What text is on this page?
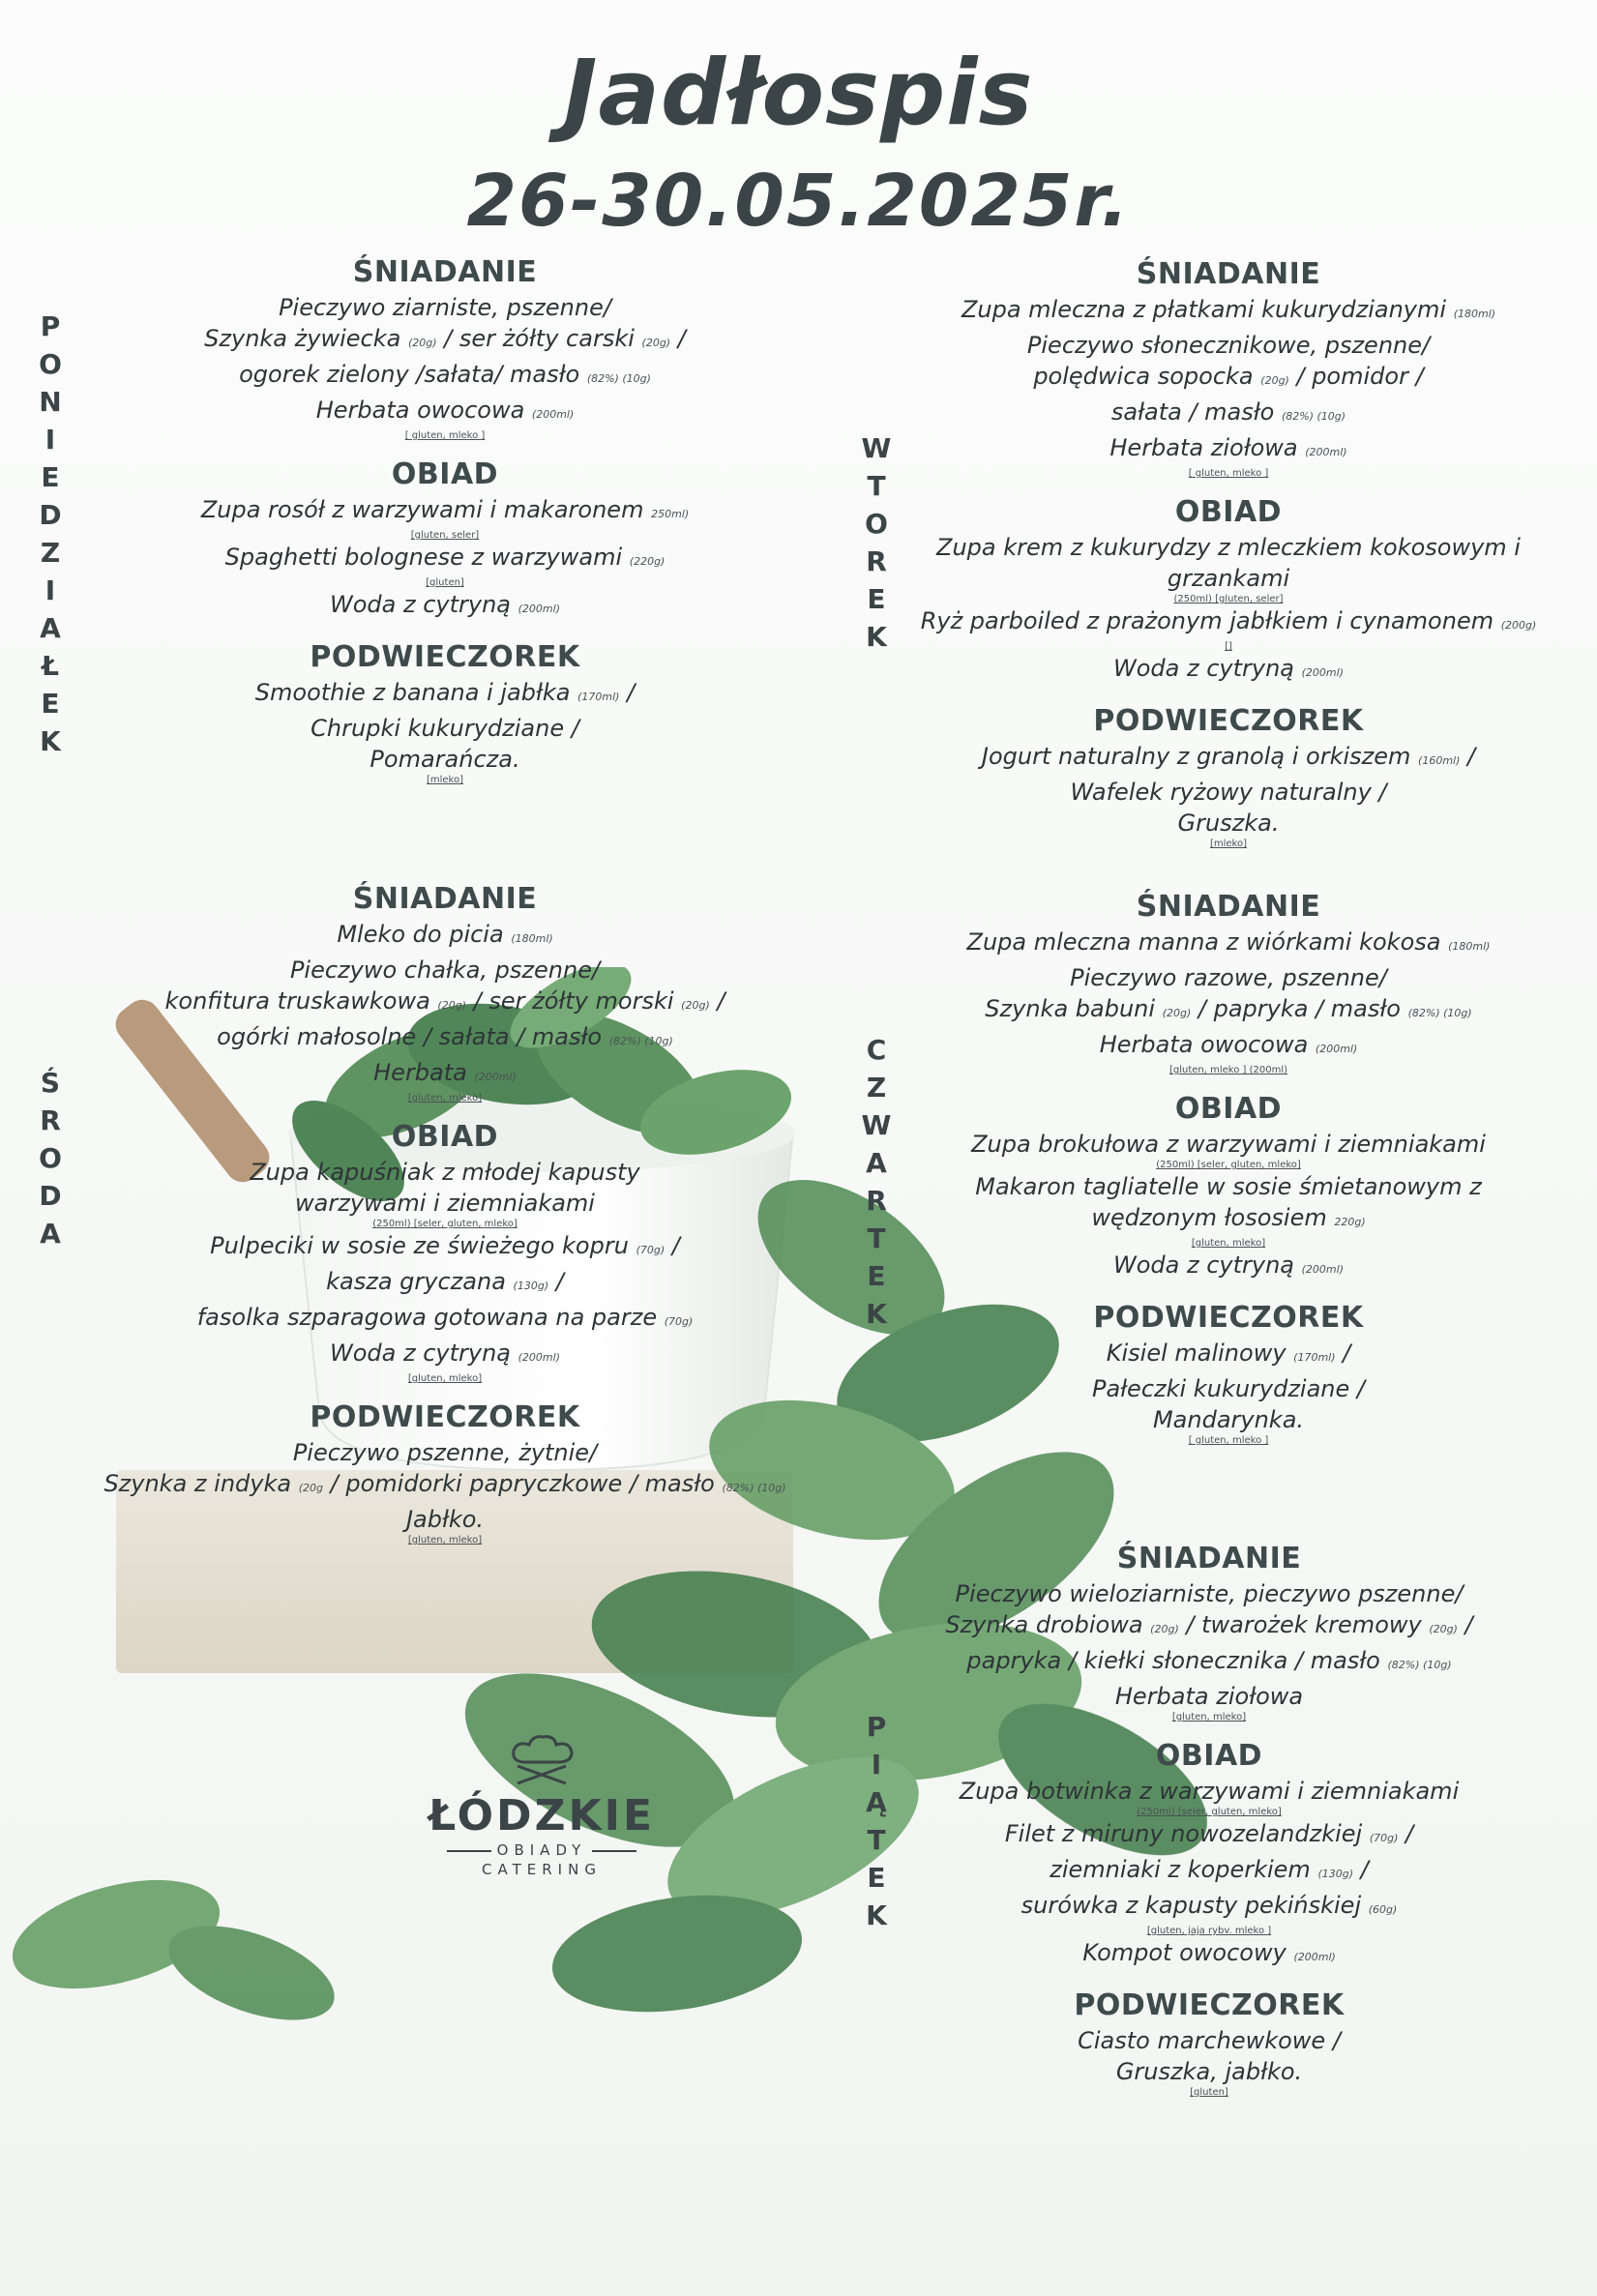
ŁÓDZKIE
OBIADY
CATERING
Jadłospis
26-30.05.2025r.
P
O
N
I
E
D
Z
I
A
Ł
E
K
W
T
O
R
E
K
Ś
R
O
D
A
C
Z
W
A
R
T
E
K
P
I
Ą
T
E
K
ŚNIADANIE
Pieczywo ziarniste, pszenne/
Szynka żywiecka (20g) / ser żółty carski (20g) /
ogorek zielony /sałata/ masło (82%) (10g)
Herbata owocowa (200ml)
[ gluten, mleko ]
OBIAD
Zupa rosół z warzywami i makaronem 250ml)
[gluten, seler]
Spaghetti bolognese z warzywami (220g)
[gluten]
Woda z cytryną (200ml)
PODWIECZOREK
Smoothie z banana i jabłka (170ml) /
Chrupki kukurydziane /
Pomarańcza.
[mleko]
ŚNIADANIE
Zupa mleczna z płatkami kukurydzianymi (180ml)
Pieczywo słonecznikowe, pszenne/
polędwica sopocka (20g) / pomidor /
sałata / masło (82%) (10g)
Herbata ziołowa (200ml)
[ gluten, mleko ]
OBIAD
Zupa krem z kukurydzy z mleczkiem kokosowym i
grzankami
(250ml) [gluten, seler]
Ryż parboiled z prażonym jabłkiem i cynamonem (200g)
[]
Woda z cytryną (200ml)
PODWIECZOREK
Jogurt naturalny z granolą i orkiszem (160ml) /
Wafelek ryżowy naturalny /
Gruszka.
[mleko]
ŚNIADANIE
Mleko do picia (180ml)
Pieczywo chałka, pszenne/
konfitura truskawkowa (20g) / ser żółty morski (20g) /
ogórki małosolne / sałata / masło (82%) (10g)
Herbata (200ml)
[gluten, mleko]
OBIAD
Zupa kapuśniak z młodej kapusty
warzywami i ziemniakami
(250ml) [seler, gluten, mleko]
Pulpeciki w sosie ze świeżego kopru (70g) /
kasza gryczana (130g) /
fasolka szparagowa gotowana na parze (70g)
Woda z cytryną (200ml)
[gluten, mleko]
PODWIECZOREK
Pieczywo pszenne, żytnie/
Szynka z indyka (20g / pomidorki papryczkowe / masło (82%) (10g)
Jabłko.
[gluten, mleko]
ŚNIADANIE
Zupa mleczna manna z wiórkami kokosa (180ml)
Pieczywo razowe, pszenne/
Szynka babuni (20g) / papryka / masło (82%) (10g)
Herbata owocowa (200ml)
[gluten, mleko ] (200ml)
OBIAD
Zupa brokułowa z warzywami i ziemniakami
(250ml) [seler, gluten, mleko]
Makaron tagliatelle w sosie śmietanowym z
wędzonym łososiem 220g)
[gluten, mleko]
Woda z cytryną (200ml)
PODWIECZOREK
Kisiel malinowy (170ml) /
Pałeczki kukurydziane /
Mandarynka.
[ gluten, mleko ]
ŚNIADANIE
Pieczywo wieloziarniste, pieczywo pszenne/
Szynka drobiowa (20g) / twarożek kremowy (20g) /
papryka / kiełki słonecznika / masło (82%) (10g)
Herbata ziołowa
[gluten, mleko]
OBIAD
Zupa botwinka z warzywami i ziemniakami
(250ml) [seler, gluten, mleko]
Filet z miruny nowozelandzkiej (70g) /
ziemniaki z koperkiem (130g) /
surówka z kapusty pekińskiej (60g)
[gluten, jaja rybv. mleko ]
Kompot owocowy (200ml)
PODWIECZOREK
Ciasto marchewkowe /
Gruszka, jabłko.
[gluten]
